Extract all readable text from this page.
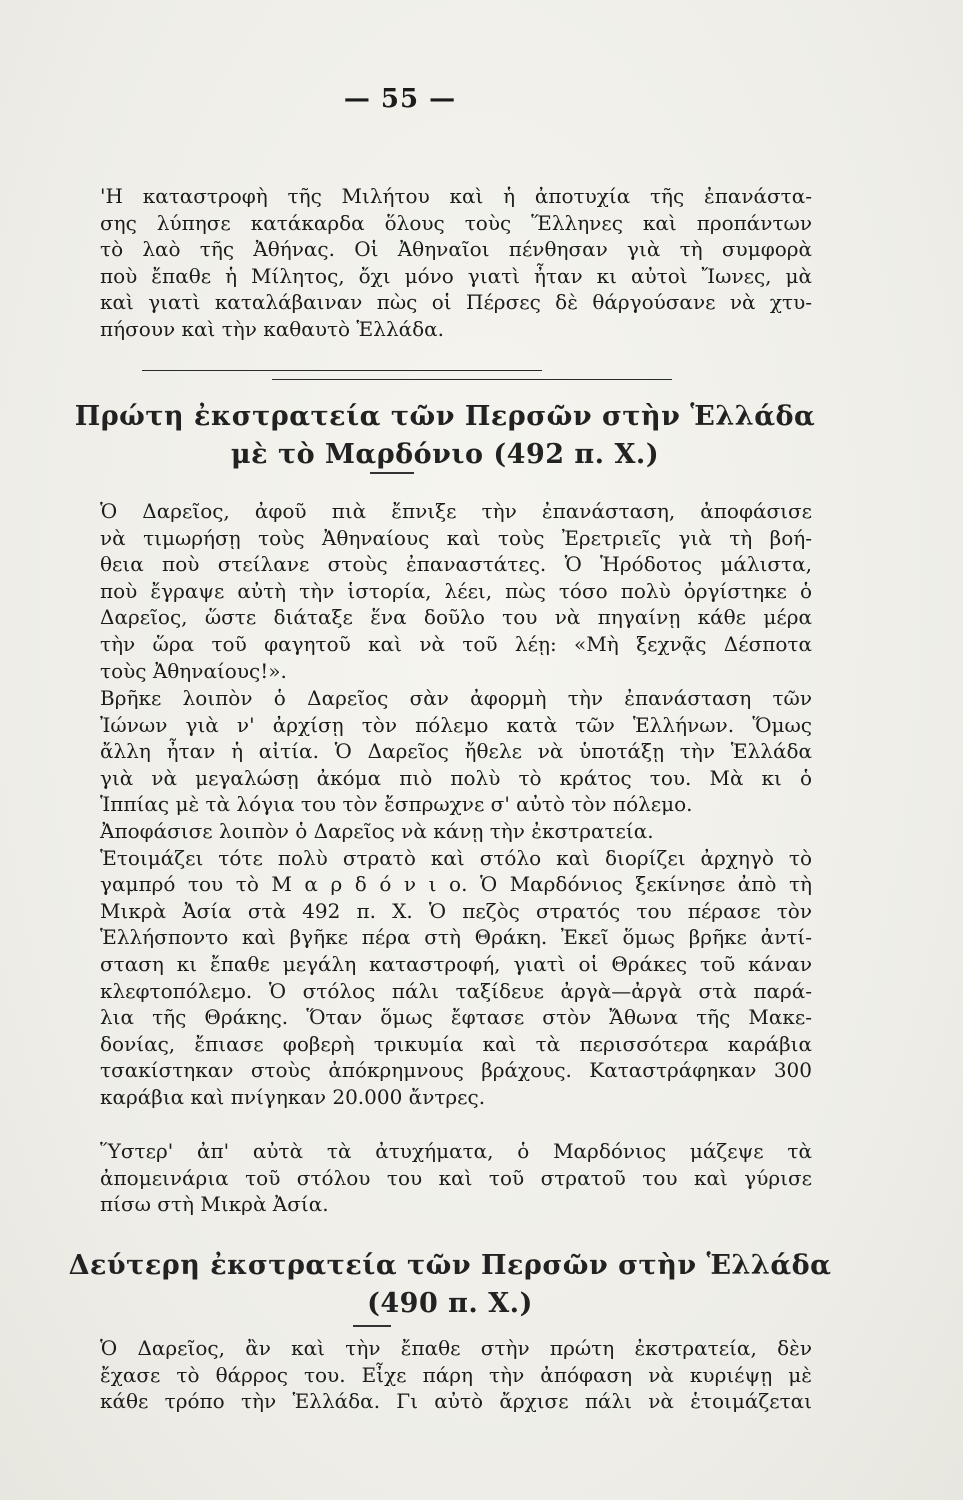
— 55 —
'Η καταστροφὴ τῆς Μιλήτου καὶ ἡ ἀποτυχία τῆς ἐπανάστα-
σης λύπησε κατάκαρδα ὅλους τοὺς Ἕλληνες καὶ προπάντων
τὸ λαὸ τῆς Ἀθήνας. Οἱ Ἀθηναῖοι πένθησαν γιὰ τὴ συμφορὰ
ποὺ ἔπαθε ἡ Μίλητος, ὄχι μόνο γιατὶ ἦταν κι αὐτοὶ Ἴωνες, μὰ
καὶ γιατὶ καταλάβαιναν πὼς οἱ Πέρσες δὲ θάργούσανε νὰ χτυ-
πήσουν καὶ τὴν καθαυτὸ Ἑλλάδα.
Πρώτη ἐκστρατεία τῶν Περσῶν στὴν Ἑλλάδα
μὲ τὸ Μαρδόνιο (492 π. Χ.)
Ὁ Δαρεῖος, ἀφοῦ πιὰ ἔπνιξε τὴν ἐπανάσταση, ἀποφάσισε
νὰ τιμωρήσῃ τοὺς Ἀθηναίους καὶ τοὺς Ἐρετριεῖς γιὰ τὴ βοή-
θεια ποὺ στείλανε στοὺς ἐπαναστάτες. Ὁ Ἡρόδοτος μάλιστα,
ποὺ ἔγραψε αὐτὴ τὴν ἱστορία, λέει, πὼς τόσο πολὺ ὀργίστηκε ὁ
Δαρεῖος, ὥστε διάταξε ἕνα δοῦλο του νὰ πηγαίνῃ κάθε μέρα
τὴν ὥρα τοῦ φαγητοῦ καὶ νὰ τοῦ λέῃ: «Μὴ ξεχνᾷς Δέσποτα
τοὺς Ἀθηναίους!».
Βρῆκε λοιπὸν ὁ Δαρεῖος σὰν ἀφορμὴ τὴν ἐπανάσταση τῶν
Ἰώνων γιὰ ν' ἀρχίσῃ τὸν πόλεμο κατὰ τῶν Ἑλλήνων. Ὅμως
ἄλλη ἦταν ἡ αἰτία. Ὁ Δαρεῖος ἤθελε νὰ ὑποτάξῃ τὴν Ἑλλάδα
γιὰ νὰ μεγαλώσῃ ἀκόμα πιὸ πολὺ τὸ κράτος του. Μὰ κι ὁ
Ἱππίας μὲ τὰ λόγια του τὸν ἔσπρωχνε σ' αὐτὸ τὸν πόλεμο.
Ἀποφάσισε λοιπὸν ὁ Δαρεῖος νὰ κάνῃ τὴν ἐκστρατεία.
Ἑτοιμάζει τότε πολὺ στρατὸ καὶ στόλο καὶ διορίζει ἀρχηγὸ τὸ
γαμπρό του τὸ Μ α ρ δ ό ν ι ο. Ὁ Μαρδόνιος ξεκίνησε ἀπὸ τὴ
Μικρὰ Ἀσία στὰ 492 π. Χ. Ὁ πεζὸς στρατός του πέρασε τὸν
Ἑλλήσποντο καὶ βγῆκε πέρα στὴ Θράκη. Ἐκεῖ ὅμως βρῆκε ἀντί-
σταση κι ἔπαθε μεγάλη καταστροφή, γιατὶ οἱ Θράκες τοῦ κάναν
κλεφτοπόλεμο. Ὁ στόλος πάλι ταξίδευε ἀργὰ—ἀργὰ στὰ παρά-
λια τῆς Θράκης. Ὅταν ὅμως ἔφτασε στὸν Ἄθωνα τῆς Μακε-
δονίας, ἔπιασε φοβερὴ τρικυμία καὶ τὰ περισσότερα καράβια
τσακίστηκαν στοὺς ἀπόκρημνους βράχους. Καταστράφηκαν 300
καράβια καὶ πνίγηκαν 20.000 ἄντρες.
Ὕστερ' ἀπ' αὐτὰ τὰ ἀτυχήματα, ὁ Μαρδόνιος μάζεψε τὰ
ἀπομεινάρια τοῦ στόλου του καὶ τοῦ στρατοῦ του καὶ γύρισε
πίσω στὴ Μικρὰ Ἀσία.
Δεύτερη ἐκστρατεία τῶν Περσῶν στὴν Ἑλλάδα
(490 π. Χ.)
Ὁ Δαρεῖος, ἂν καὶ τὴν ἔπαθε στὴν πρώτη ἐκστρατεία, δὲν
ἔχασε τὸ θάρρος του. Εἶχε πάρη τὴν ἀπόφαση νὰ κυριέψῃ μὲ
κάθε τρόπο τὴν Ἑλλάδα. Γι αὐτὸ ἄρχισε πάλι νὰ ἑτοιμάζεται
